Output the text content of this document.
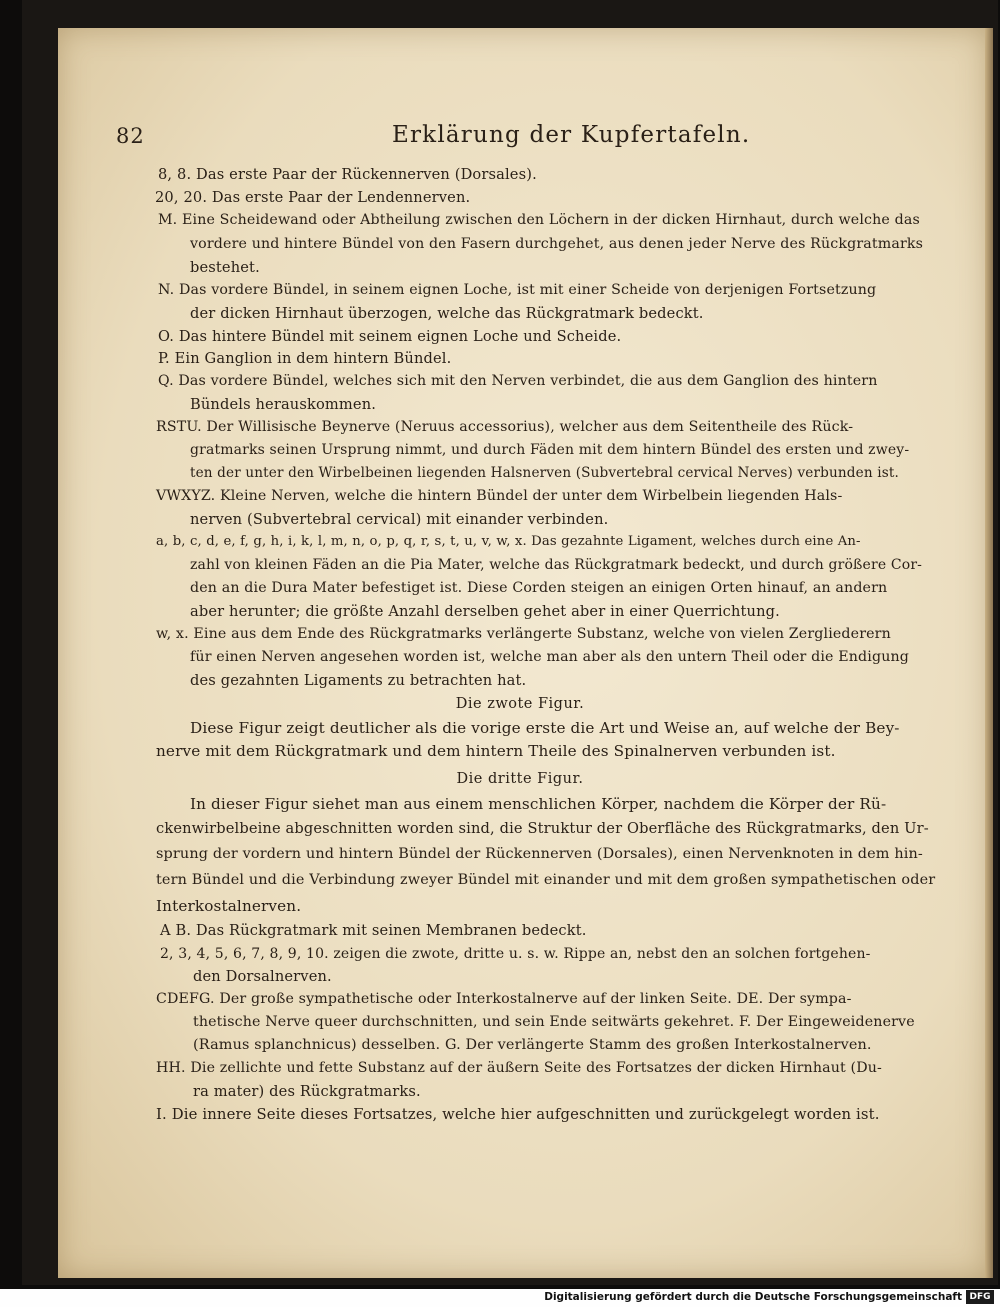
82	Erklärung der Kupfertafeln.
8, 8. Das erste Paar der Rückennerven (Dorsales).
20, 20. Das erste Paar der Lendennerven.
M. Eine Scheidewand oder Abtheilung zwischen den Löchern in der dicken Hirnhaut, durch welche das
vordere und hintere Bündel von den Fasern durchgehet, aus denen jeder Nerve des Rückgratmarks
bestehet.
N. Das vordere Bündel, in seinem eignen Loche, ist mit einer Scheide von derjenigen Fortsetzung
der dicken Hirnhaut überzogen, welche das Rückgratmark bedeckt.
O. Das hintere Bündel mit seinem eignen Loche und Scheide.
P. Ein Ganglion in dem hintern Bündel.
Q. Das vordere Bündel, welches sich mit den Nerven verbindet, die aus dem Ganglion des hintern
Bündels herauskommen.
RSTU. Der Willisische Beynerve (Neruus accessorius), welcher aus dem Seitentheile des Rück-
gratmarks seinen Ursprung nimmt, und durch Fäden mit dem hintern Bündel des ersten und zwey-
ten der unter den Wirbelbeinen liegenden Halsnerven (Subvertebral cervical Nerves) verbunden ist.
VWXYZ. Kleine Nerven, welche die hintern Bündel der unter dem Wirbelbein liegenden Hals-
nerven (Subvertebral cervical) mit einander verbinden.
a, b, c, d, e, f, g, h, i, k, l, m, n, o, p, q, r, s, t, u, v, w, x. Das gezahnte Ligament, welches durch eine An-
zahl von kleinen Fäden an die Pia Mater, welche das Rückgratmark bedeckt, und durch größere Cor-
den an die Dura Mater befestiget ist. Diese Corden steigen an einigen Orten hinauf, an andern
aber herunter; die größte Anzahl derselben gehet aber in einer Querrichtung.
w, x. Eine aus dem Ende des Rückgratmarks verlängerte Substanz, welche von vielen Zergliederern
für einen Nerven angesehen worden ist, welche man aber als den untern Theil oder die Endigung
des gezahnten Ligaments zu betrachten hat.
Die zwote Figur.
Diese Figur zeigt deutlicher als die vorige erste die Art und Weise an, auf welche der Bey-
nerve mit dem Rückgratmark und dem hintern Theile des Spinalnerven verbunden ist.
Die dritte Figur.
In dieser Figur siehet man aus einem menschlichen Körper, nachdem die Körper der Rü-
ckenwirbelbeine abgeschnitten worden sind, die Struktur der Oberfläche des Rückgratmarks, den Ur-
sprung der vordern und hintern Bündel der Rückennerven (Dorsales), einen Nervenknoten in dem hin-
tern Bündel und die Verbindung zweyer Bündel mit einander und mit dem großen sympathetischen oder
Interkostalnerven.
A B. Das Rückgratmark mit seinen Membranen bedeckt.
2, 3, 4, 5, 6, 7, 8, 9, 10. zeigen die zwote, dritte u. s. w. Rippe an, nebst den an solchen fortgehen-
den Dorsalnerven.
CDEFG. Der große sympathetische oder Interkostalnerve auf der linken Seite. DE. Der sympa-
thetische Nerve queer durchschnitten, und sein Ende seitwärts gekehret. F. Der Eingeweidenerve
(Ramus splanchnicus) desselben. G. Der verlängerte Stamm des großen Interkostalnerven.
HH. Die zellichte und fette Substanz auf der äußern Seite des Fortsatzes der dicken Hirnhaut (Du-
ra mater) des Rückgratmarks.
I. Die innere Seite dieses Fortsatzes, welche hier aufgeschnitten und zurückgelegt worden ist.
Digitalisierung gefördert durch die Deutsche Forschungsgemeinschaft DFG
